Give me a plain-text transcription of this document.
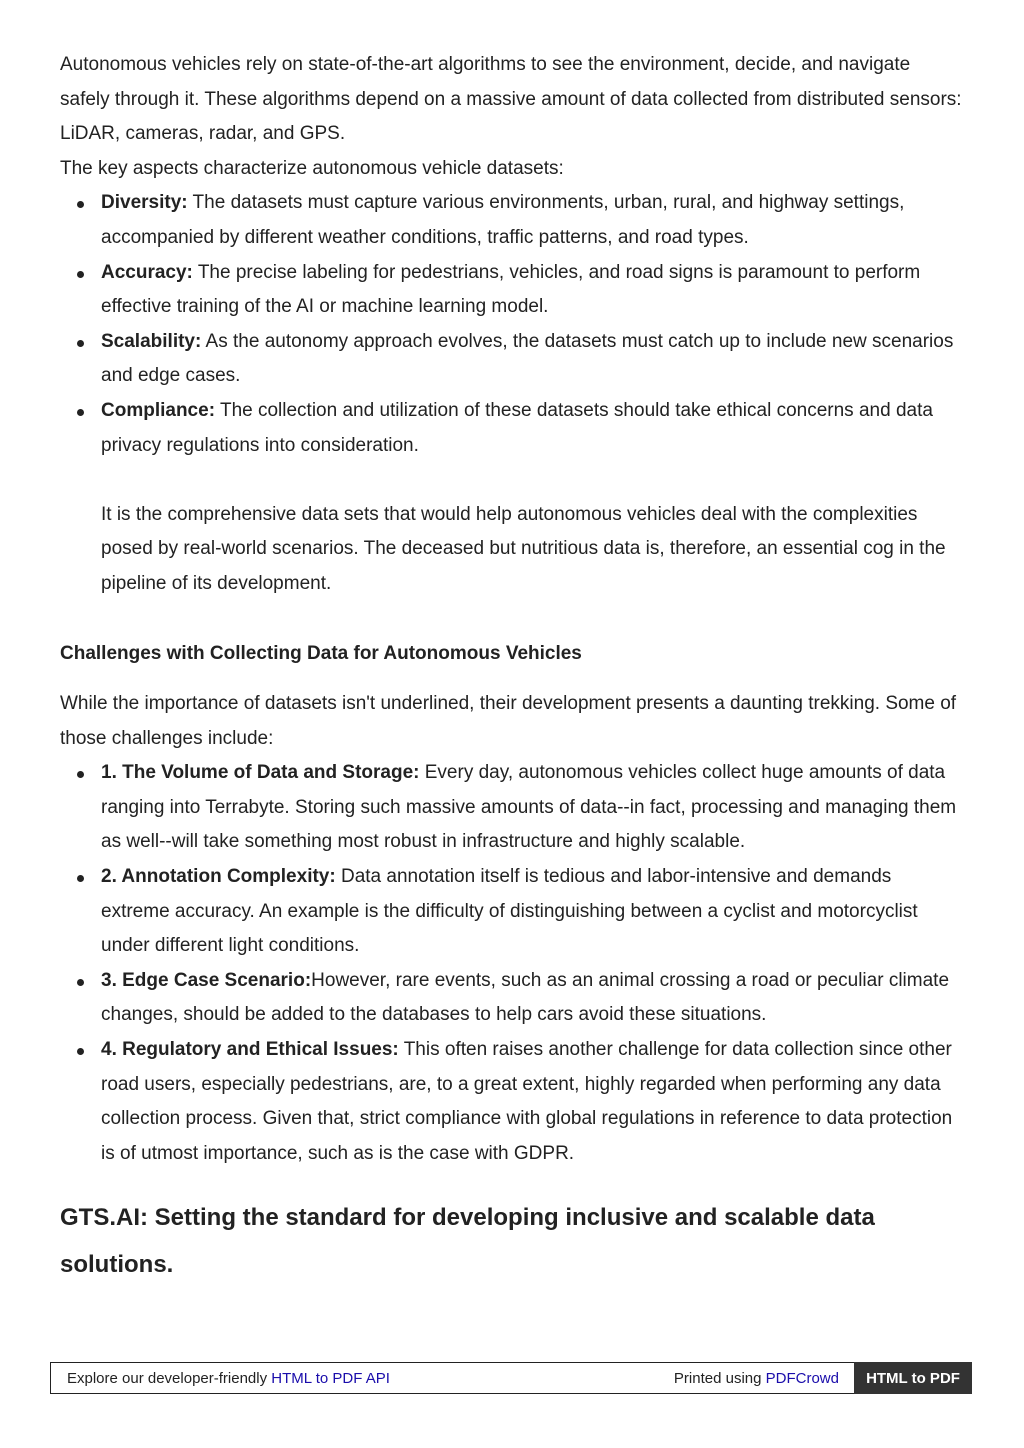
Autonomous vehicles rely on state-of-the-art algorithms to see the environment, decide, and navigate safely through it. These algorithms depend on a massive amount of data collected from distributed sensors: LiDAR, cameras, radar, and GPS.

The key aspects characterize autonomous vehicle datasets:

Diversity: The datasets must capture various environments, urban, rural, and highway settings, accompanied by different weather conditions, traffic patterns, and road types.
Accuracy: The precise labeling for pedestrians, vehicles, and road signs is paramount to perform effective training of the AI or machine learning model.
Scalability: As the autonomy approach evolves, the datasets must catch up to include new scenarios and edge cases.
Compliance: The collection and utilization of these datasets should take ethical concerns and data privacy regulations into consideration.

It is the comprehensive data sets that would help autonomous vehicles deal with the complexities posed by real-world scenarios. The deceased but nutritious data is, therefore, an essential cog in the pipeline of its development.

Challenges with Collecting Data for Autonomous Vehicles

While the importance of datasets isn't underlined, their development presents a daunting trekking. Some of those challenges include:

1. The Volume of Data and Storage: Every day, autonomous vehicles collect huge amounts of data ranging into Terrabyte. Storing such massive amounts of data--in fact, processing and managing them as well--will take something most robust in infrastructure and highly scalable.
2. Annotation Complexity: Data annotation itself is tedious and labor-intensive and demands extreme accuracy. An example is the difficulty of distinguishing between a cyclist and motorcyclist under different light conditions.
3. Edge Case Scenario:However, rare events, such as an animal crossing a road or peculiar climate changes, should be added to the databases to help cars avoid these situations.
4. Regulatory and Ethical Issues: This often raises another challenge for data collection since other road users, especially pedestrians, are, to a great extent, highly regarded when performing any data collection process. Given that, strict compliance with global regulations in reference to data protection is of utmost importance, such as is the case with GDPR.
GTS.AI: Setting the standard for developing inclusive and scalable data solutions.
Explore our developer-friendly HTML to PDF API	Printed using PDFCrowd	HTML to PDF
